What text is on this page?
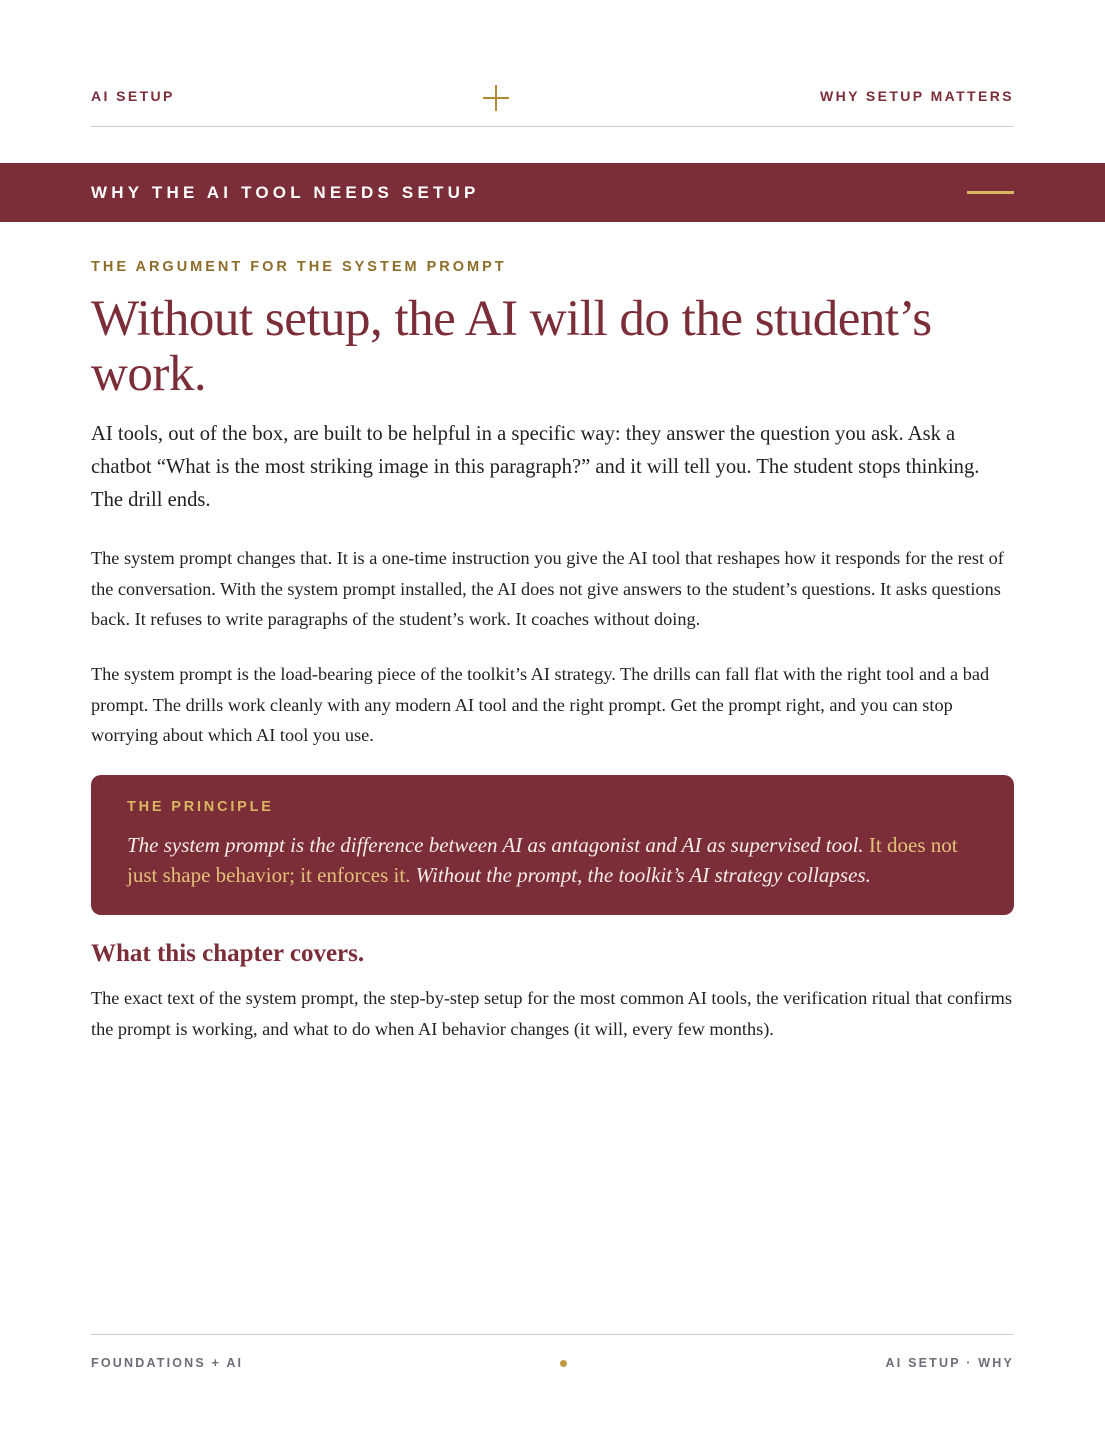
AI SETUP	WHY SETUP MATTERS
WHY THE AI TOOL NEEDS SETUP
THE ARGUMENT FOR THE SYSTEM PROMPT
Without setup, the AI will do the student’s work.

AI tools, out of the box, are built to be helpful in a specific way: they answer the question you ask. Ask a chatbot “What is the most striking image in this paragraph?” and it will tell you. The student stops thinking. The drill ends.

The system prompt changes that. It is a one-time instruction you give the AI tool that reshapes how it responds for the rest of the conversation. With the system prompt installed, the AI does not give answers to the student’s questions. It asks questions back. It refuses to write paragraphs of the student’s work. It coaches without doing.

The system prompt is the load-bearing piece of the toolkit’s AI strategy. The drills can fall flat with the right tool and a bad prompt. The drills work cleanly with any modern AI tool and the right prompt. Get the prompt right, and you can stop worrying about which AI tool you use.

THE PRINCIPLE

The system prompt is the difference between AI as antagonist and AI as supervised tool. It does not just shape behavior; it enforces it. Without the prompt, the toolkit’s AI strategy collapses.

What this chapter covers.

The exact text of the system prompt, the step-by-step setup for the most common AI tools, the verification ritual that confirms the prompt is working, and what to do when AI behavior changes (it will, every few months).

FOUNDATIONS + AI	AI SETUP · WHY
